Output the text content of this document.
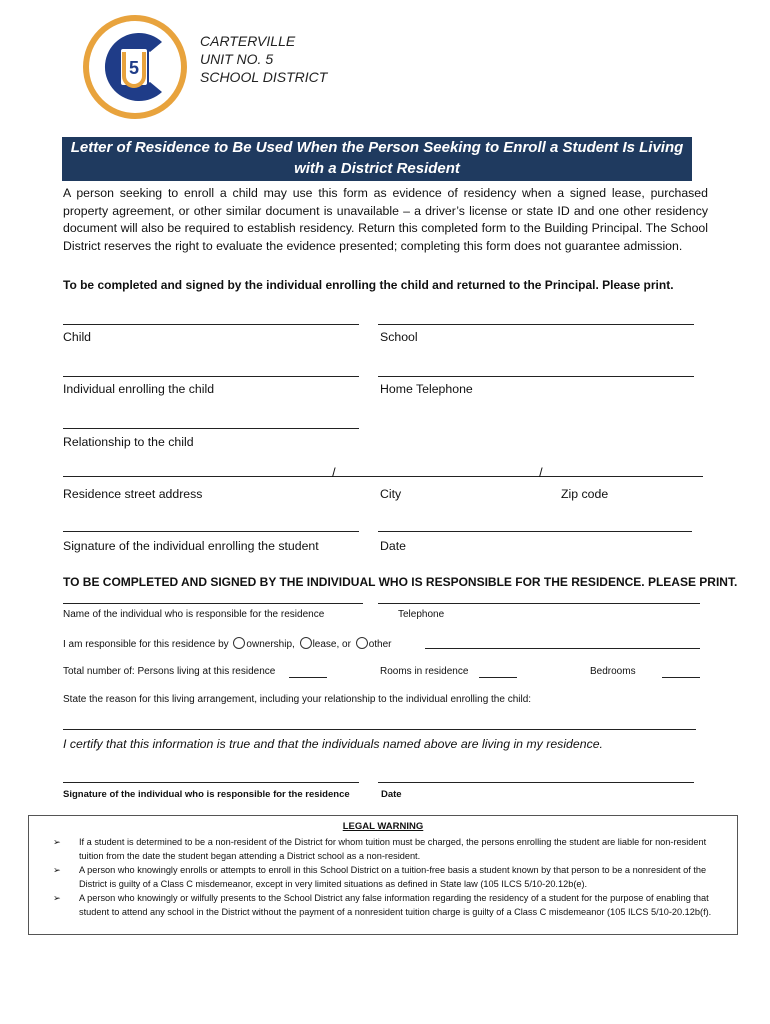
5
CARTERVILLE
UNIT NO. 5
SCHOOL DISTRICT
Letter of Residence to Be Used When the Person Seeking to Enroll a Student Is Living with a District Resident
A person seeking to enroll a child may use this form as evidence of residency when a signed lease, purchased property agreement, or other similar document is unavailable – a driver’s license or state ID and one other residency document will also be required to establish residency. Return this completed form to the Building Principal. The School District reserves the right to evaluate the evidence presented; completing this form does not guarantee admission.
To be completed and signed by the individual enrolling the child and returned to the Principal. Please print.
Child	School
Individual enrolling the child	Home Telephone
Relationship to the child
/	/
Residence street address	City	Zip code
Signature of the individual enrolling the student	Date
TO BE COMPLETED AND SIGNED BY THE INDIVIDUAL WHO IS RESPONSIBLE FOR THE RESIDENCE. PLEASE PRINT.
Name of the individual who is responsible for the residence	Telephone
I am responsible for this residence by ownership, lease, or other
Total number of: Persons living at this residence	Rooms in residence	Bedrooms
State the reason for this living arrangement, including your relationship to the individual enrolling the child:
I certify that this information is true and that the individuals named above are living in my residence.
Signature of the individual who is responsible for the residence	Date
LEGAL WARNING
➢	If a student is determined to be a non-resident of the District for whom tuition must be charged, the persons enrolling the student are liable for non-resident tuition from the date the student began attending a District school as a non-resident.
➢	A person who knowingly enrolls or attempts to enroll in this School District on a tuition-free basis a student known by that person to be a nonresident of the District is guilty of a Class C misdemeanor, except in very limited situations as defined in State law (105 ILCS 5/10-20.12b(e).
➢	A person who knowingly or wilfully presents to the School District any false information regarding the residency of a student for the purpose of enabling that student to attend any school in the District without the payment of a nonresident tuition charge is guilty of a Class C misdemeanor (105 ILCS 5/10-20.12b(f).
